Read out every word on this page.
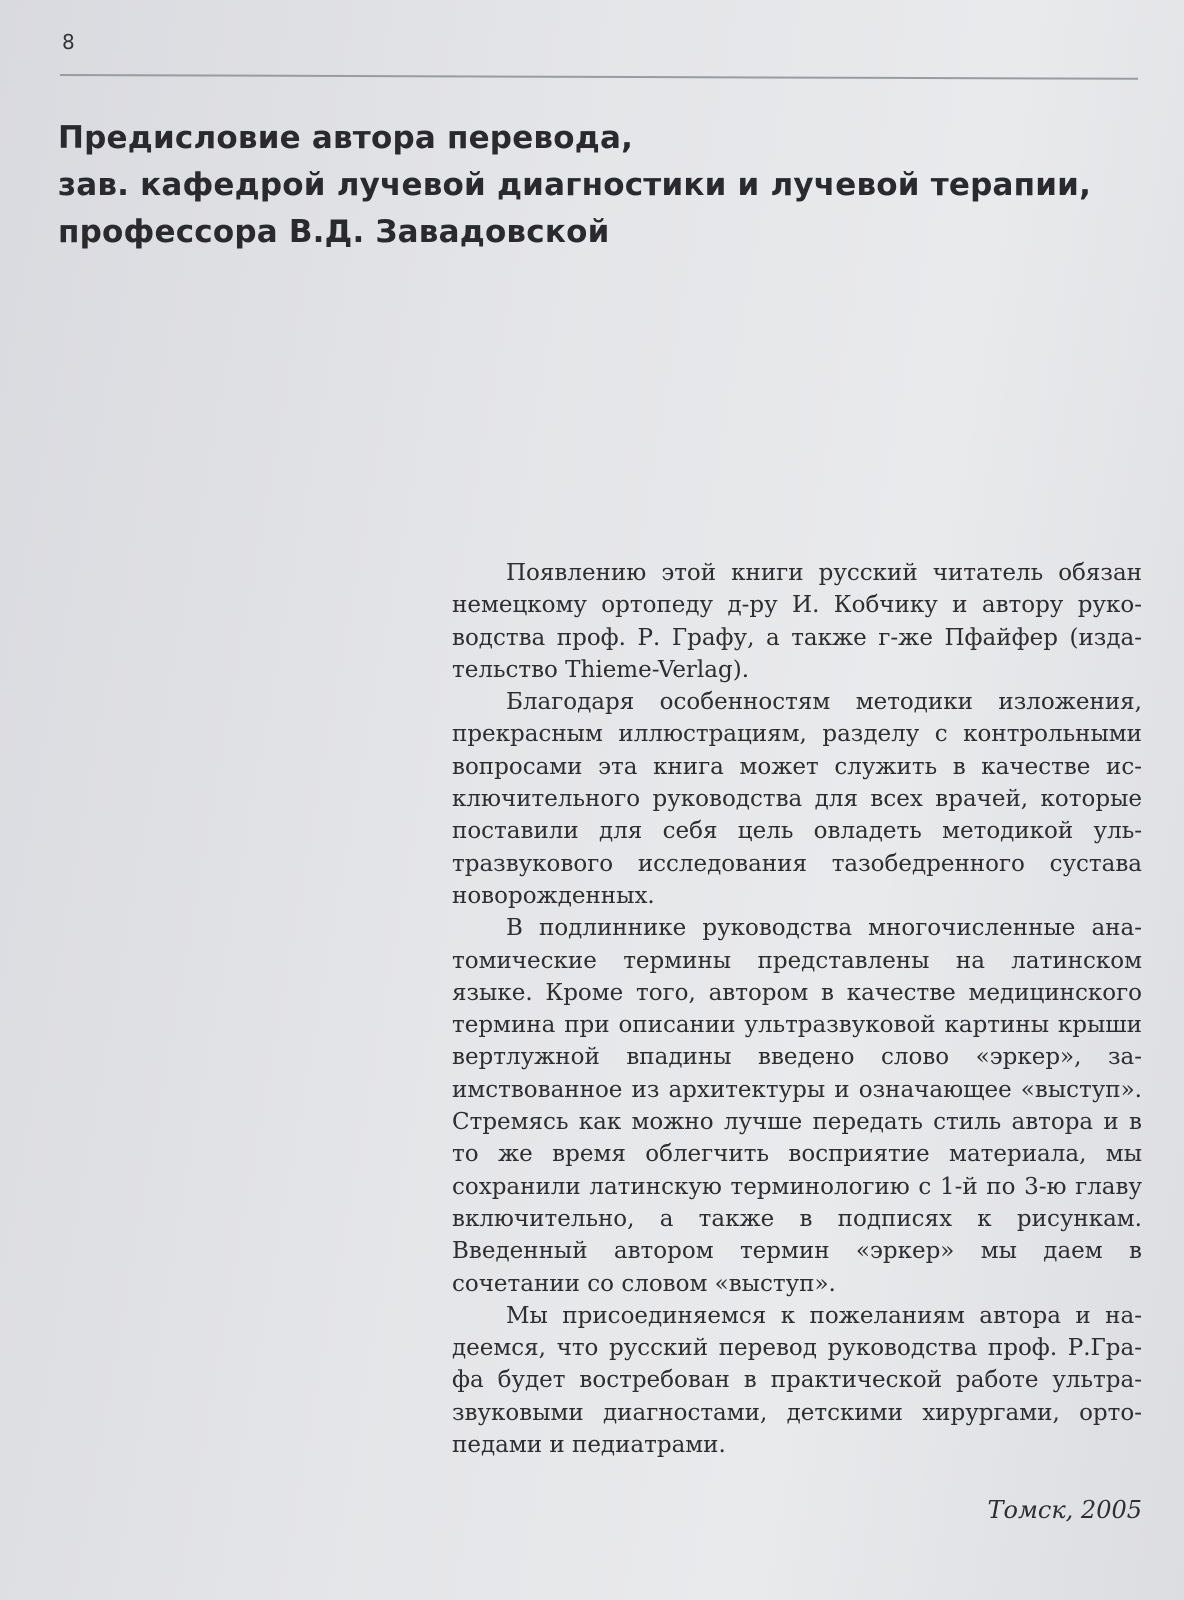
8
Предисловие автора перевода,
зав. кафедрой лучевой диагностики и лучевой терапии,
профессора В.Д. Завадовской

Появлению этой книги русский читатель обязан немецкому ортопеду д-ру И. Кобчику и автору руководства проф. Р. Графу, а также г-же Пфайфер (издательство Thieme-Verlag).

Благодаря особенностям методики изложения, прекрасным иллюстрациям, разделу с контрольными вопросами эта книга может служить в качестве исключительного руководства для всех врачей, которые поставили для себя цель овладеть методикой ультразвукового исследования тазобедренного сустава новорожденных.

В подлиннике руководства многочисленные анатомические термины представлены на латинском языке. Кроме того, автором в качестве медицинского термина при описании ультразвуковой картины крыши вертлужной впадины введено слово «эркер», заимствованное из архитектуры и означающее «выступ». Стремясь как можно лучше передать стиль автора и в то же время облегчить восприятие материала, мы сохранили латинскую терминологию с 1-й по 3-ю главу включительно, а также в подписях к рисункам. Введенный автором термин «эркер» мы даем в сочетании со словом «выступ».

Мы присоединяемся к пожеланиям автора и надеемся, что русский перевод руководства проф. Р.Графа будет востребован в практической работе ультразвуковыми диагностами, детскими хирургами, ортопедами и педиатрами.

Томск, 2005
